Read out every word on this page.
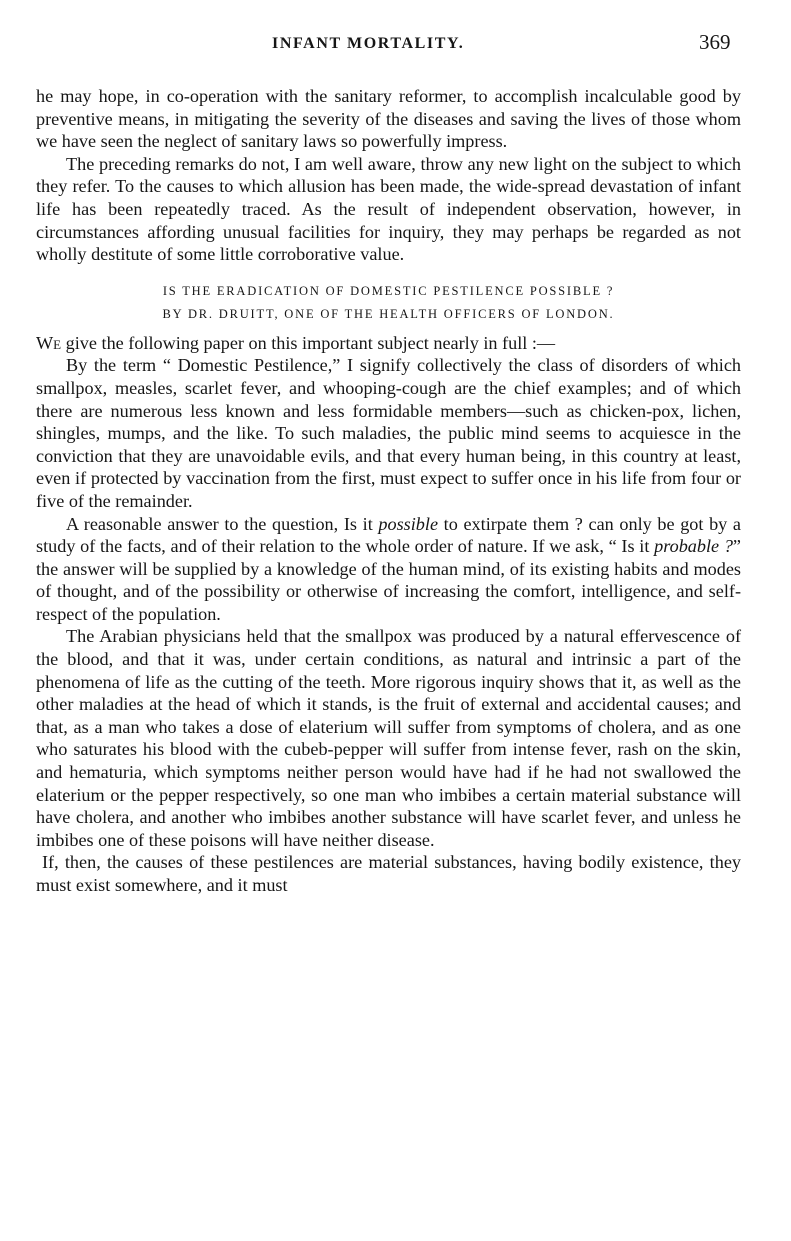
INFANT MORTALITY.	369

he may hope, in co-operation with the sanitary reformer, to accomplish incalculable good by preventive means, in mitigating the severity of the diseases and saving the lives of those whom we have seen the neglect of sanitary laws so powerfully impress.

The preceding remarks do not, I am well aware, throw any new light on the subject to which they refer. To the causes to which allusion has been made, the wide-spread devastation of infant life has been repeatedly traced. As the result of independent observation, however, in circumstances affording unusual facilities for inquiry, they may perhaps be regarded as not wholly destitute of some little corroborative value.

IS THE ERADICATION OF DOMESTIC PESTILENCE POSSIBLE ?
BY DR. DRUITT, ONE OF THE HEALTH OFFICERS OF LONDON.

We give the following paper on this important subject nearly in full :—

By the term “ Domestic Pestilence,” I signify collectively the class of disorders of which smallpox, measles, scarlet fever, and whooping-cough are the chief examples; and of which there are numerous less known and less formidable members—such as chicken-pox, lichen, shingles, mumps, and the like. To such maladies, the public mind seems to acquiesce in the conviction that they are unavoidable evils, and that every human being, in this country at least, even if protected by vaccination from the first, must expect to suffer once in his life from four or five of the remainder.

A reasonable answer to the question, Is it possible to extirpate them ? can only be got by a study of the facts, and of their relation to the whole order of nature. If we ask, “ Is it probable ?” the answer will be supplied by a knowledge of the human mind, of its existing habits and modes of thought, and of the possibility or otherwise of increasing the comfort, intelligence, and self-respect of the population.

The Arabian physicians held that the smallpox was produced by a natural effervescence of the blood, and that it was, under certain conditions, as natural and intrinsic a part of the phenomena of life as the cutting of the teeth. More rigorous inquiry shows that it, as well as the other maladies at the head of which it stands, is the fruit of external and accidental causes; and that, as a man who takes a dose of elaterium will suffer from symptoms of cholera, and as one who saturates his blood with the cubeb-pepper will suffer from intense fever, rash on the skin, and hematuria, which symptoms neither person would have had if he had not swallowed the elaterium or the pepper respectively, so one man who imbibes a certain material substance will have cholera, and another who imbibes another substance will have scarlet fever, and unless he imbibes one of these poisons will have neither disease.

If, then, the causes of these pestilences are material substances, having bodily existence, they must exist somewhere, and it must
